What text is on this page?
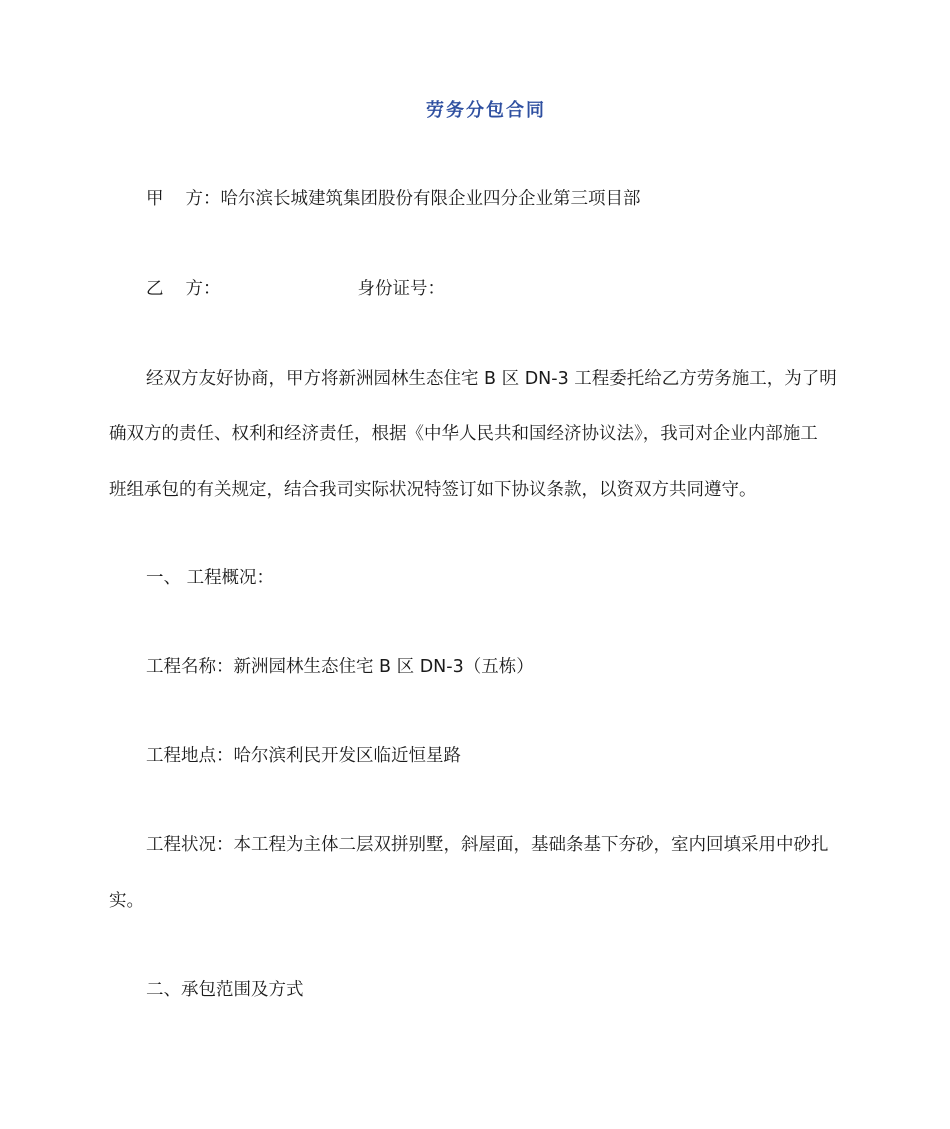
劳务分包合同
甲 方：哈尔滨长城建筑集团股份有限企业四分企业第三项目部
乙 方：	身份证号：
经双方友好协商，甲方将新洲园林生态住宅 B 区 DN-3 工程委托给乙方劳务施工，为了明
确双方的责任、权利和经济责任，根据《中华人民共和国经济协议法》，我司对企业内部施工
班组承包的有关规定，结合我司实际状况特签订如下协议条款，以资双方共同遵守。
一、 工程概况：
工程名称：新洲园林生态住宅 B 区 DN-3（五栋）
工程地点：哈尔滨利民开发区临近恒星路
工程状况：本工程为主体二层双拼别墅，斜屋面，基础条基下夯砂，室内回填采用中砂扎
实。
二、承包范围及方式
